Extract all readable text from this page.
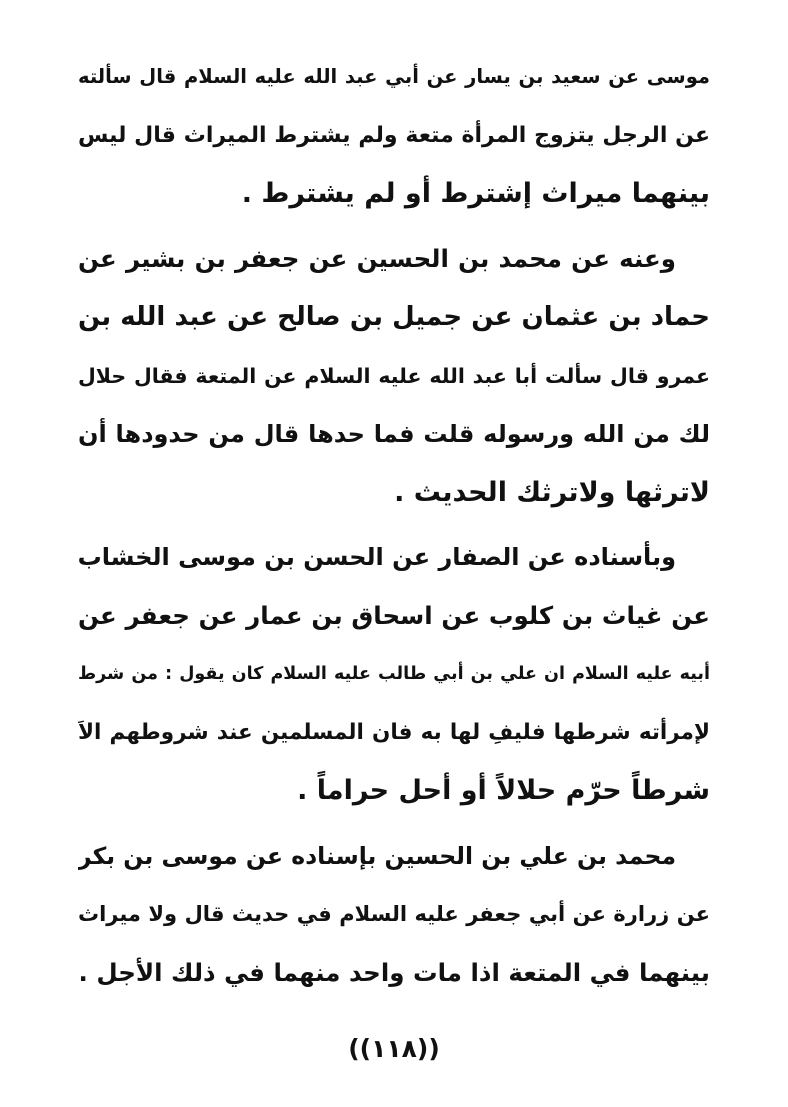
موسى عن سعيد بن يسار عن أبي عبد الله عليه السلام قال سألته
عن الرجل يتزوج المرأة متعة ولم يشترط الميراث قال ليس
بينهما ميراث إشترط أو لم يشترط .
وعنه عن محمد بن الحسين عن جعفر بن بشير عن
حماد بن عثمان عن جميل بن صالح عن عبد الله بن
عمرو قال سألت أبا عبد الله عليه السلام عن المتعة فقال حلال
لك من الله ورسوله قلت فما حدها قال من حدودها أن
لاترثها ولاترثك الحديث .
وبأسناده عن الصفار عن الحسن بن موسى الخشاب
عن غياث بن كلوب عن اسحاق بن عمار عن جعفر عن
أبيه عليه السلام ان علي بن أبي طالب عليه السلام كان يقول : من شرط
لإمرأته شرطها فليفِ لها به فان المسلمين عند شروطهم الاَ
شرطاً حرّم حلالاً أو أحل حراماً .
محمد بن علي بن الحسين بإسناده عن موسى بن بكر
عن زرارة عن أبي جعفر عليه السلام في حديث قال ولا ميراث
بينهما في المتعة اذا مات واحد منهما في ذلك الأجل .
((١١٨))
